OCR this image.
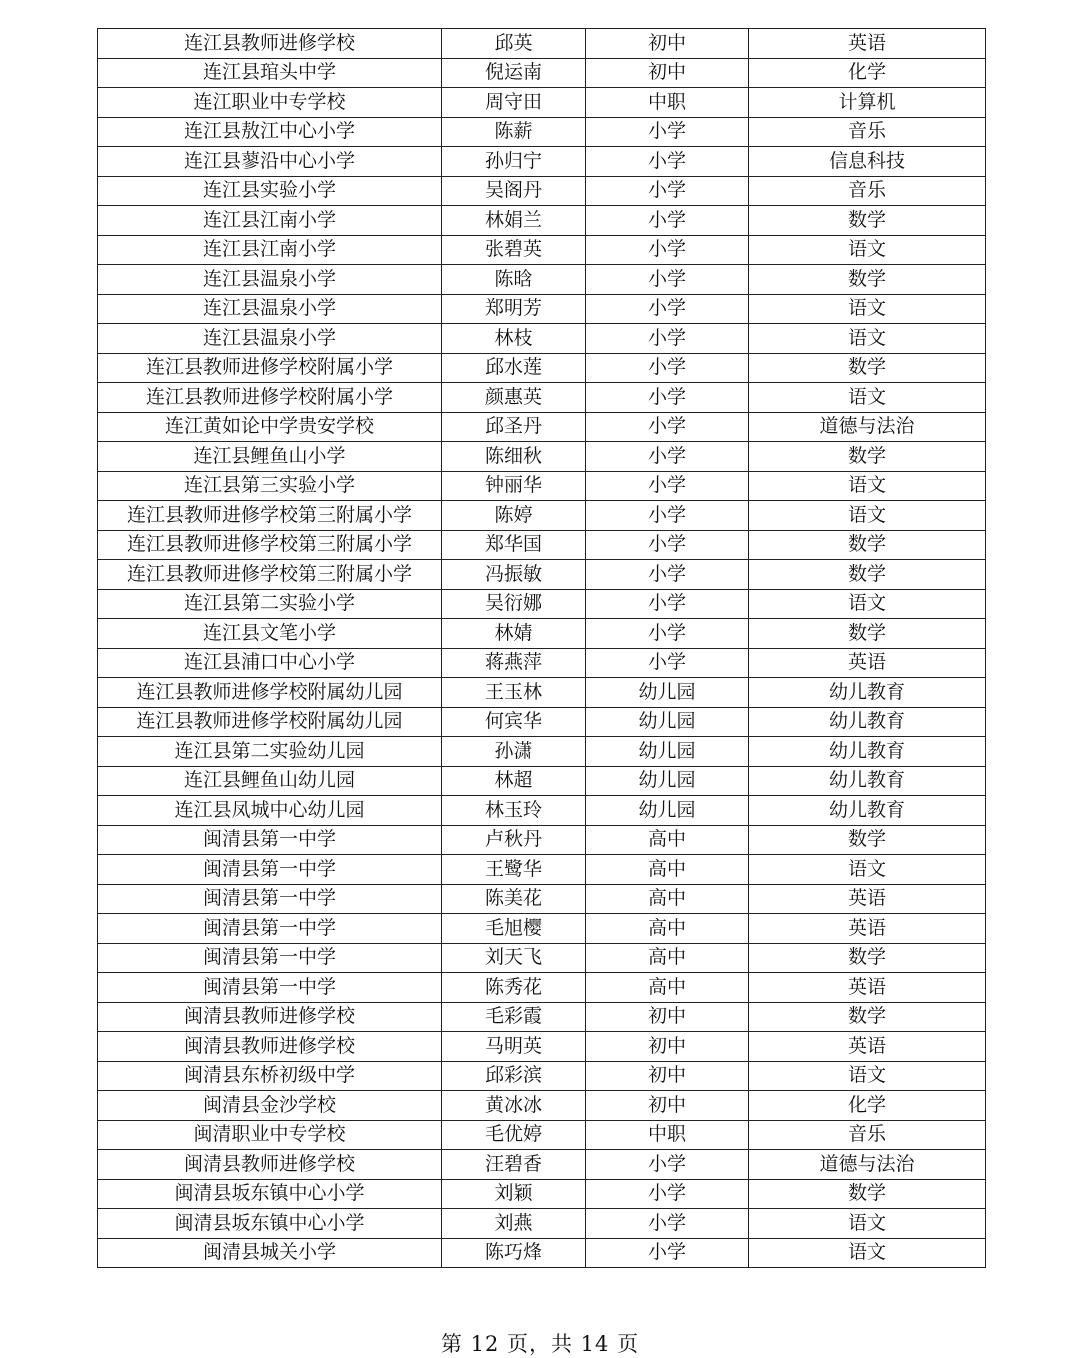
连江县教师进修学校	邱英	初中	英语
连江县琯头中学	倪运南	初中	化学
连江职业中专学校	周守田	中职	计算机
连江县敖江中心小学	陈薪	小学	音乐
连江县蓼沿中心小学	孙归宁	小学	信息科技
连江县实验小学	吴阁丹	小学	音乐
连江县江南小学	林娟兰	小学	数学
连江县江南小学	张碧英	小学	语文
连江县温泉小学	陈晗	小学	数学
连江县温泉小学	郑明芳	小学	语文
连江县温泉小学	林枝	小学	语文
连江县教师进修学校附属小学	邱水莲	小学	数学
连江县教师进修学校附属小学	颜惠英	小学	语文
连江黄如论中学贵安学校	邱圣丹	小学	道德与法治
连江县鲤鱼山小学	陈细秋	小学	数学
连江县第三实验小学	钟丽华	小学	语文
连江县教师进修学校第三附属小学	陈婷	小学	语文
连江县教师进修学校第三附属小学	郑华国	小学	数学
连江县教师进修学校第三附属小学	冯振敏	小学	数学
连江县第二实验小学	吴衍娜	小学	语文
连江县文笔小学	林婧	小学	数学
连江县浦口中心小学	蒋燕萍	小学	英语
连江县教师进修学校附属幼儿园	王玉林	幼儿园	幼儿教育
连江县教师进修学校附属幼儿园	何宾华	幼儿园	幼儿教育
连江县第二实验幼儿园	孙潇	幼儿园	幼儿教育
连江县鲤鱼山幼儿园	林超	幼儿园	幼儿教育
连江县凤城中心幼儿园	林玉玲	幼儿园	幼儿教育
闽清县第一中学	卢秋丹	高中	数学
闽清县第一中学	王鹭华	高中	语文
闽清县第一中学	陈美花	高中	英语
闽清县第一中学	毛旭樱	高中	英语
闽清县第一中学	刘天飞	高中	数学
闽清县第一中学	陈秀花	高中	英语
闽清县教师进修学校	毛彩霞	初中	数学
闽清县教师进修学校	马明英	初中	英语
闽清县东桥初级中学	邱彩滨	初中	语文
闽清县金沙学校	黄冰冰	初中	化学
闽清职业中专学校	毛优婷	中职	音乐
闽清县教师进修学校	汪碧香	小学	道德与法治
闽清县坂东镇中心小学	刘颖	小学	数学
闽清县坂东镇中心小学	刘燕	小学	语文
闽清县城关小学	陈巧烽	小学	语文
第 12 页，共 14 页
